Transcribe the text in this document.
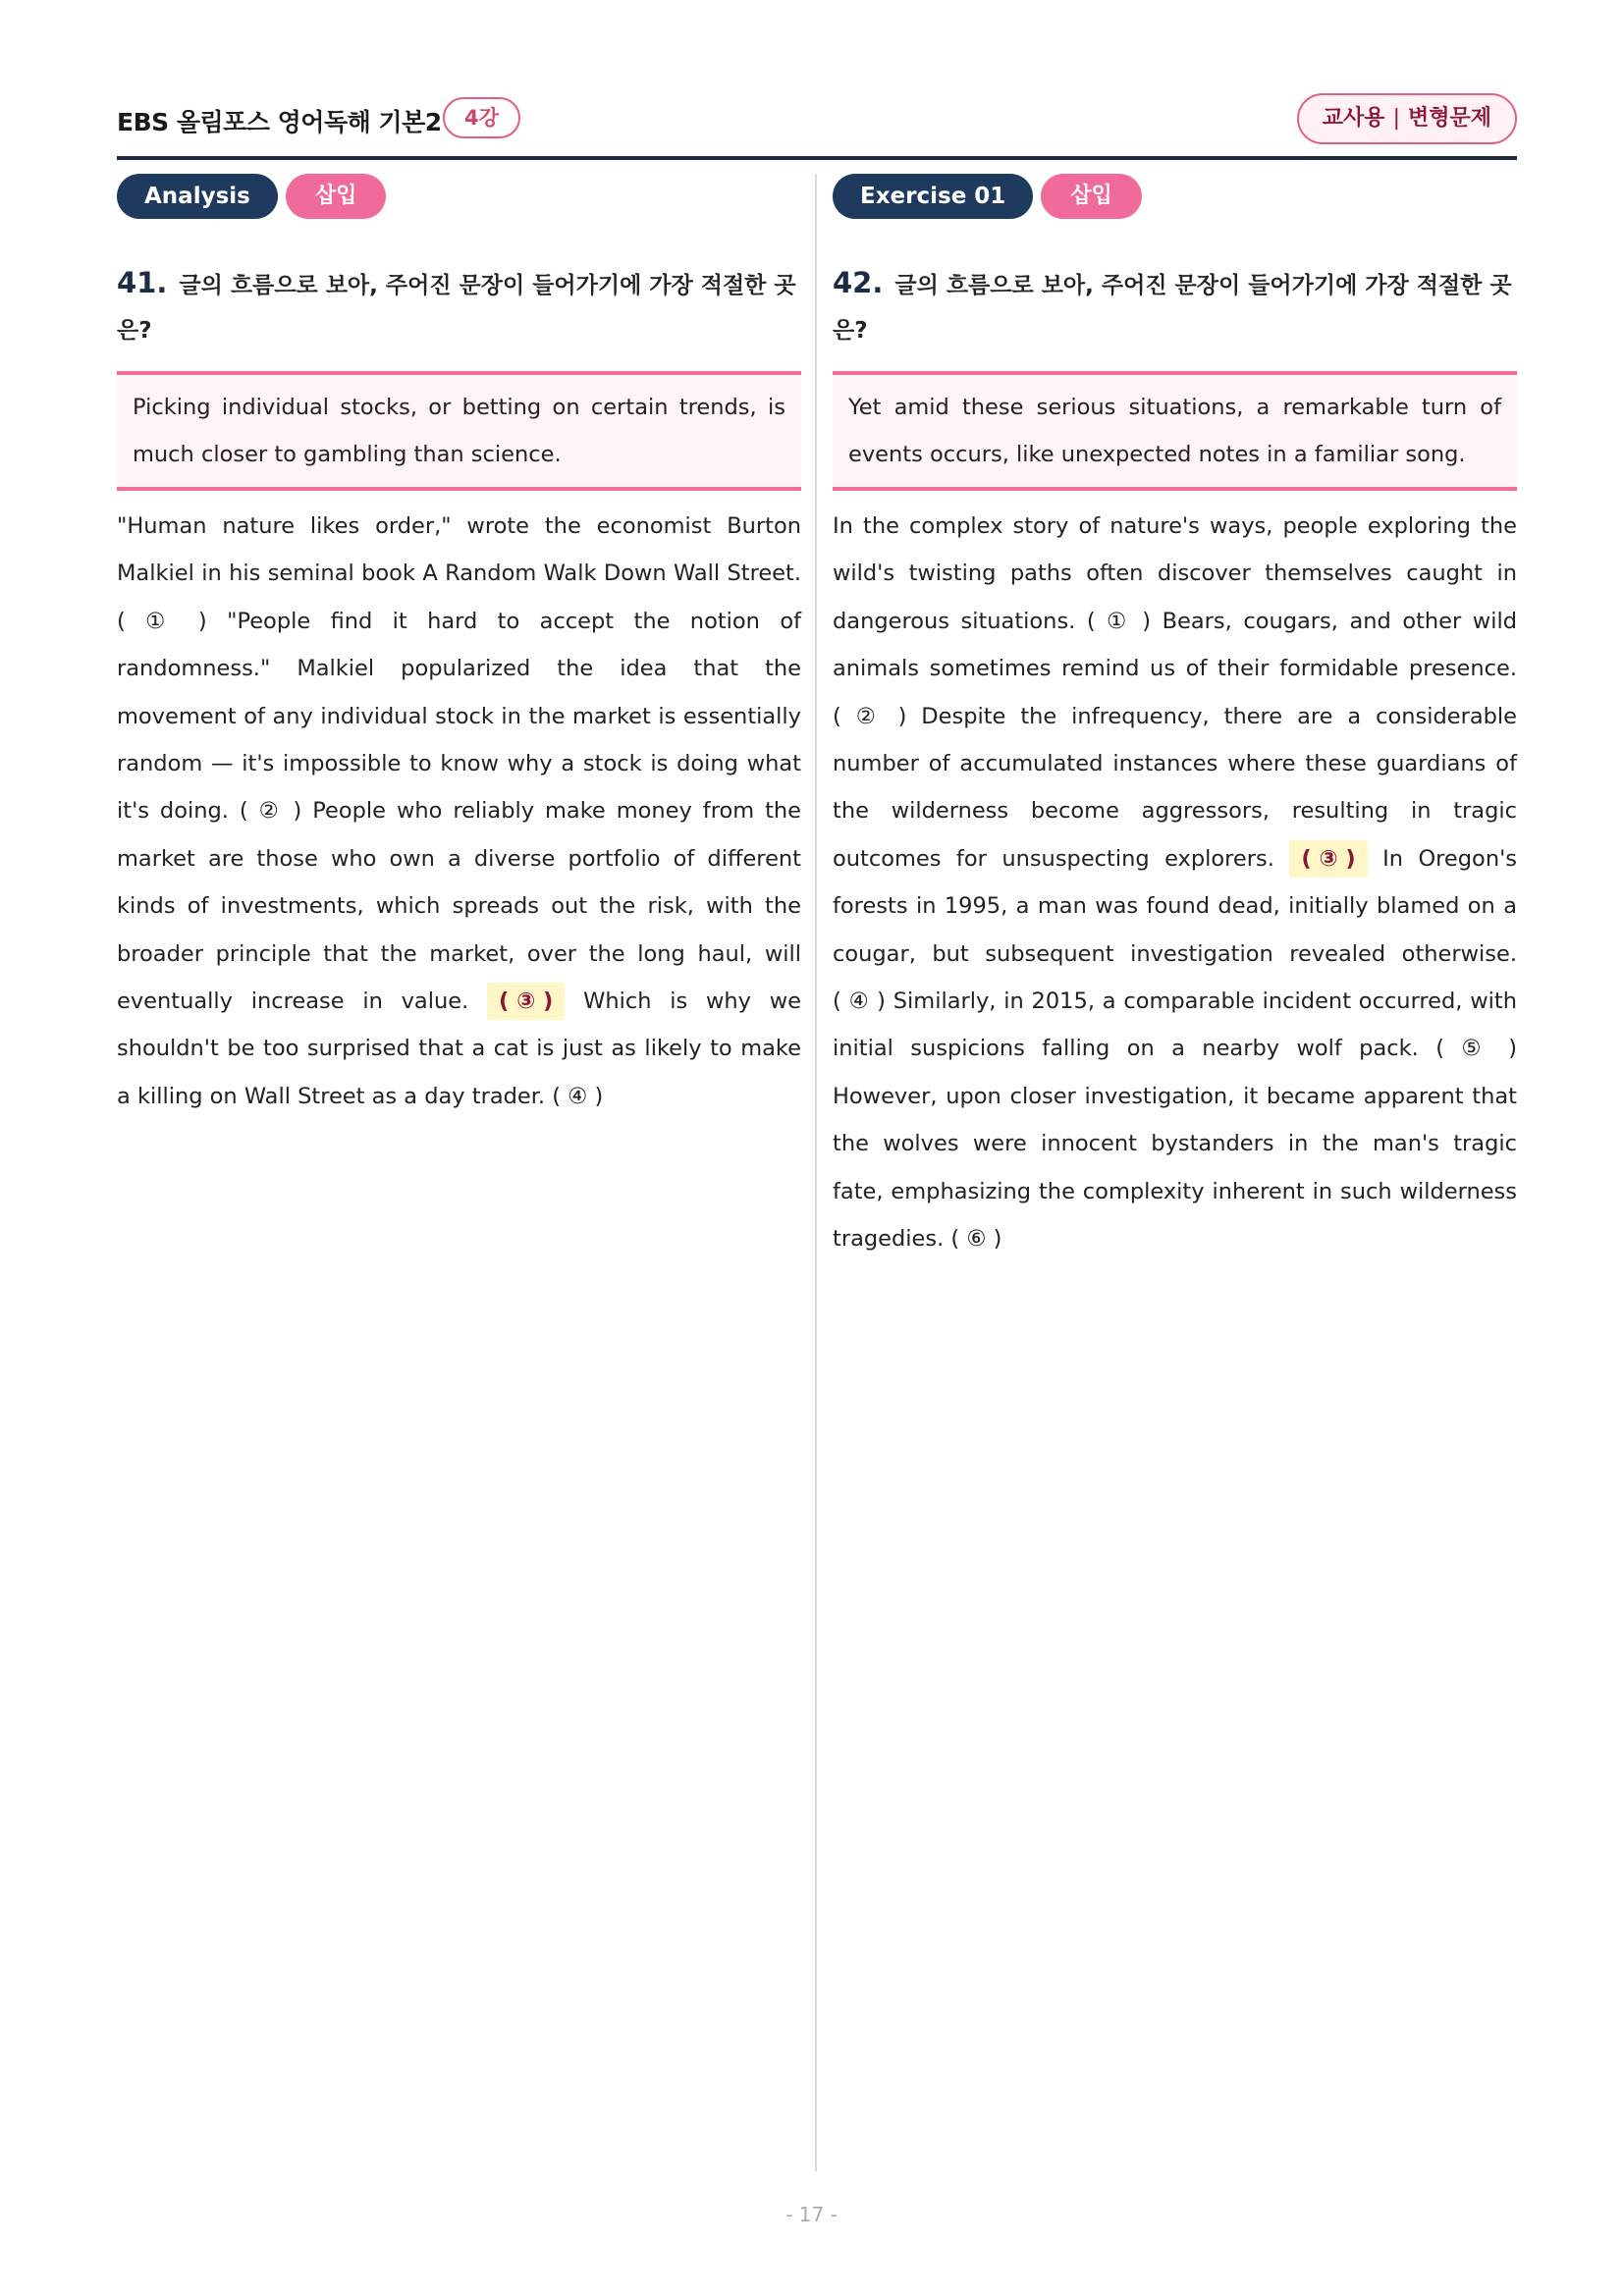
EBS 올림포스 영어독해 기본2	4강	교사용 | 변형문제
Analysis	삽입
41. 글의 흐름으로 보아, 주어진 문장이 들어가기에 가장 적절한 곳은?
Picking individual stocks, or betting on certain trends, is much closer to gambling than science.
"Human nature likes order," wrote the economist Burton Malkiel in his seminal book A Random Walk Down Wall Street. ( ① ) "People find it hard to accept the notion of randomness." Malkiel popularized the idea that the movement of any individual stock in the market is essentially random — it's impossible to know why a stock is doing what it's doing. ( ② ) People who reliably make money from the market are those who own a diverse portfolio of different kinds of investments, which spreads out the risk, with the broader principle that the market, over the long haul, will eventually increase in value. ( ③ ) Which is why we shouldn't be too surprised that a cat is just as likely to make a killing on Wall Street as a day trader. ( ④ )
Exercise 01	삽입
42. 글의 흐름으로 보아, 주어진 문장이 들어가기에 가장 적절한 곳은?
Yet amid these serious situations, a remarkable turn of events occurs, like unexpected notes in a familiar song.
In the complex story of nature's ways, people exploring the wild's twisting paths often discover themselves caught in dangerous situations. ( ① ) Bears, cougars, and other wild animals sometimes remind us of their formidable presence. ( ② ) Despite the infrequency, there are a considerable number of accumulated instances where these guardians of the wilderness become aggressors, resulting in tragic outcomes for unsuspecting explorers. ( ③ ) In Oregon's forests in 1995, a man was found dead, initially blamed on a cougar, but subsequent investigation revealed otherwise. ( ④ ) Similarly, in 2015, a comparable incident occurred, with initial suspicions falling on a nearby wolf pack. ( ⑤ ) However, upon closer investigation, it became apparent that the wolves were innocent bystanders in the man's tragic fate, emphasizing the complexity inherent in such wilderness tragedies. ( ⑥ )
- 17 -
